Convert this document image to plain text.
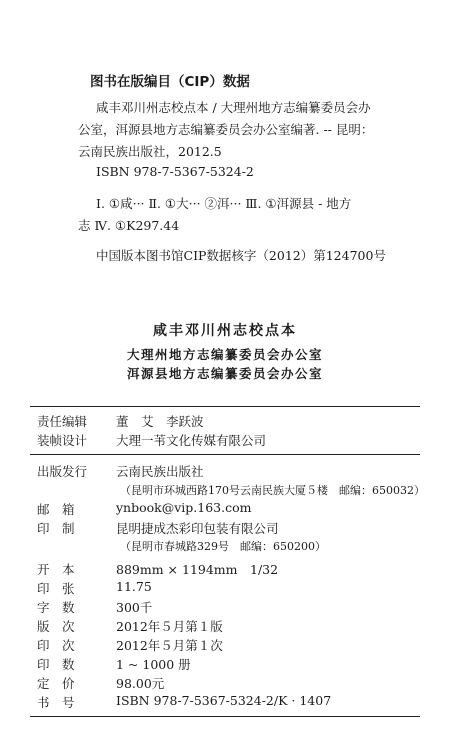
图书在版编目（CIP）数据
咸丰邓川州志校点本 / 大理州地方志编纂委员会办
公室，洱源县地方志编纂委员会办公室编著. -- 昆明：
云南民族出版社，2012.5
ISBN 978-7-5367-5324-2
Ⅰ. ①咸··· Ⅱ. ①大··· ②洱··· Ⅲ. ①洱源县 - 地方
志 Ⅳ. ①K297.44
中国版本图书馆CIP数据核字（2012）第124700号
咸丰邓川州志校点本
大理州地方志编纂委员会办公室
洱源县地方志编纂委员会办公室
责任编辑 董　艾　李跃波
装帧设计 大理一苇文化传媒有限公司
出版发行 云南民族出版社
（昆明市环城西路170号云南民族大厦５楼　邮编：650032）
邮　箱	ynbook@vip.163.com
印　制	昆明捷成杰彩印包装有限公司
（昆明市春城路329号　邮编：650200）
开　本	889mm × 1194mm　1/32
印　张	11.75
字　数	300千
版　次	2012年５月第１版
印　次	2012年５月第１次
印　数	1 ~ 1000 册
定　价	98.00元
书　号	ISBN 978-7-5367-5324-2/K · 1407
